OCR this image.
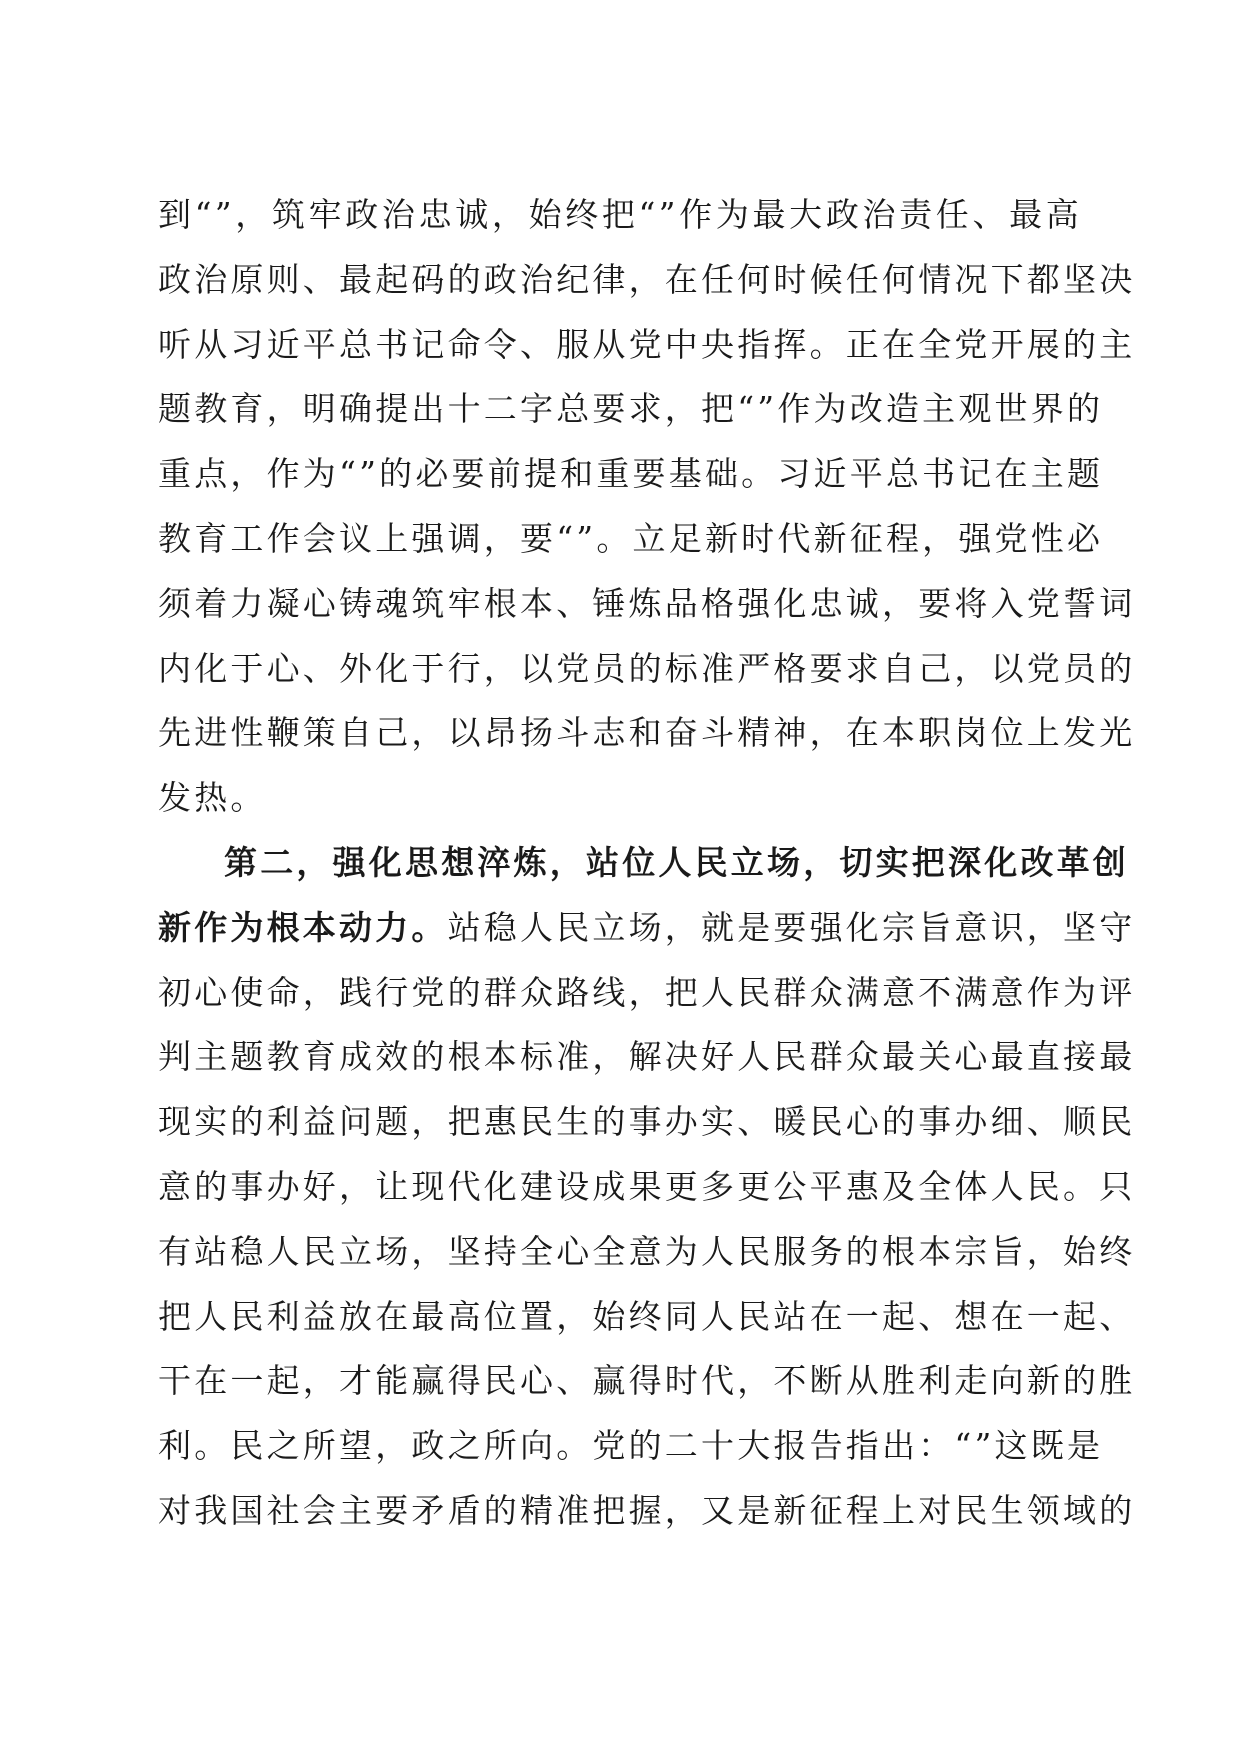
到“”，筑牢政治忠诚，始终把“”作为最大政治责任、最高
政治原则、最起码的政治纪律，在任何时候任何情况下都坚决
听从习近平总书记命令、服从党中央指挥。正在全党开展的主
题教育，明确提出十二字总要求，把“”作为改造主观世界的
重点，作为“”的必要前提和重要基础。习近平总书记在主题
教育工作会议上强调，要“”。立足新时代新征程，强党性必
须着力凝心铸魂筑牢根本、锤炼品格强化忠诚，要将入党誓词
内化于心、外化于行，以党员的标准严格要求自己，以党员的
先进性鞭策自己，以昂扬斗志和奋斗精神，在本职岗位上发光
发热。
第二，强化思想淬炼，站位人民立场，切实把深化改革创
新作为根本动力。站稳人民立场，就是要强化宗旨意识，坚守
初心使命，践行党的群众路线，把人民群众满意不满意作为评
判主题教育成效的根本标准，解决好人民群众最关心最直接最
现实的利益问题，把惠民生的事办实、暖民心的事办细、顺民
意的事办好，让现代化建设成果更多更公平惠及全体人民。只
有站稳人民立场，坚持全心全意为人民服务的根本宗旨，始终
把人民利益放在最高位置，始终同人民站在一起、想在一起、
干在一起，才能赢得民心、赢得时代，不断从胜利走向新的胜
利。民之所望，政之所向。党的二十大报告指出：“”这既是
对我国社会主要矛盾的精准把握，又是新征程上对民生领域的
